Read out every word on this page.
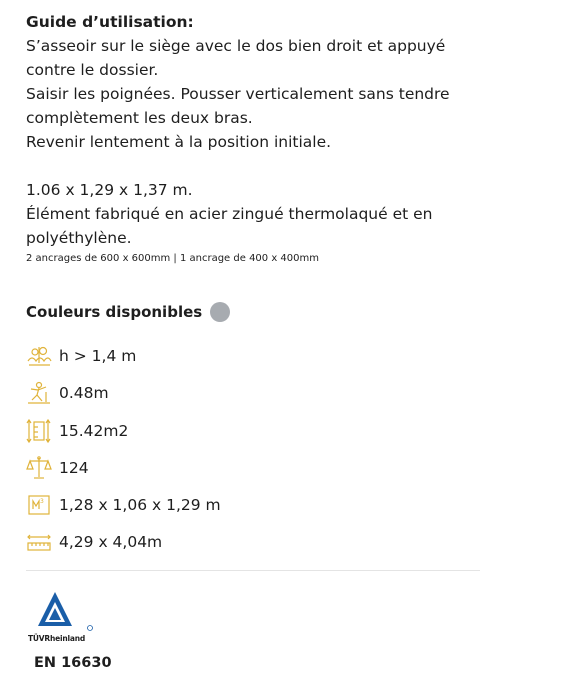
Guide d’utilisation:
S’asseoir sur le siège avec le dos bien droit et appuyé
contre le dossier.
Saisir les poignées. Pousser verticalement sans tendre
complètement les deux bras.
Revenir lentement à la position initiale.
1.06 x 1,29 x 1,37 m.
Élément fabriqué en acier zingué thermolaqué et en
polyéthylène.
2 ancrages de 600 x 600mm | 1 ancrage de 400 x 400mm
Couleurs disponibles
h > 1,4 m
0.48m
15.42m2
124
3 1,28 x 1,06 x 1,29 m
4,29 x 4,04m
TÜVRheinland
EN 16630
